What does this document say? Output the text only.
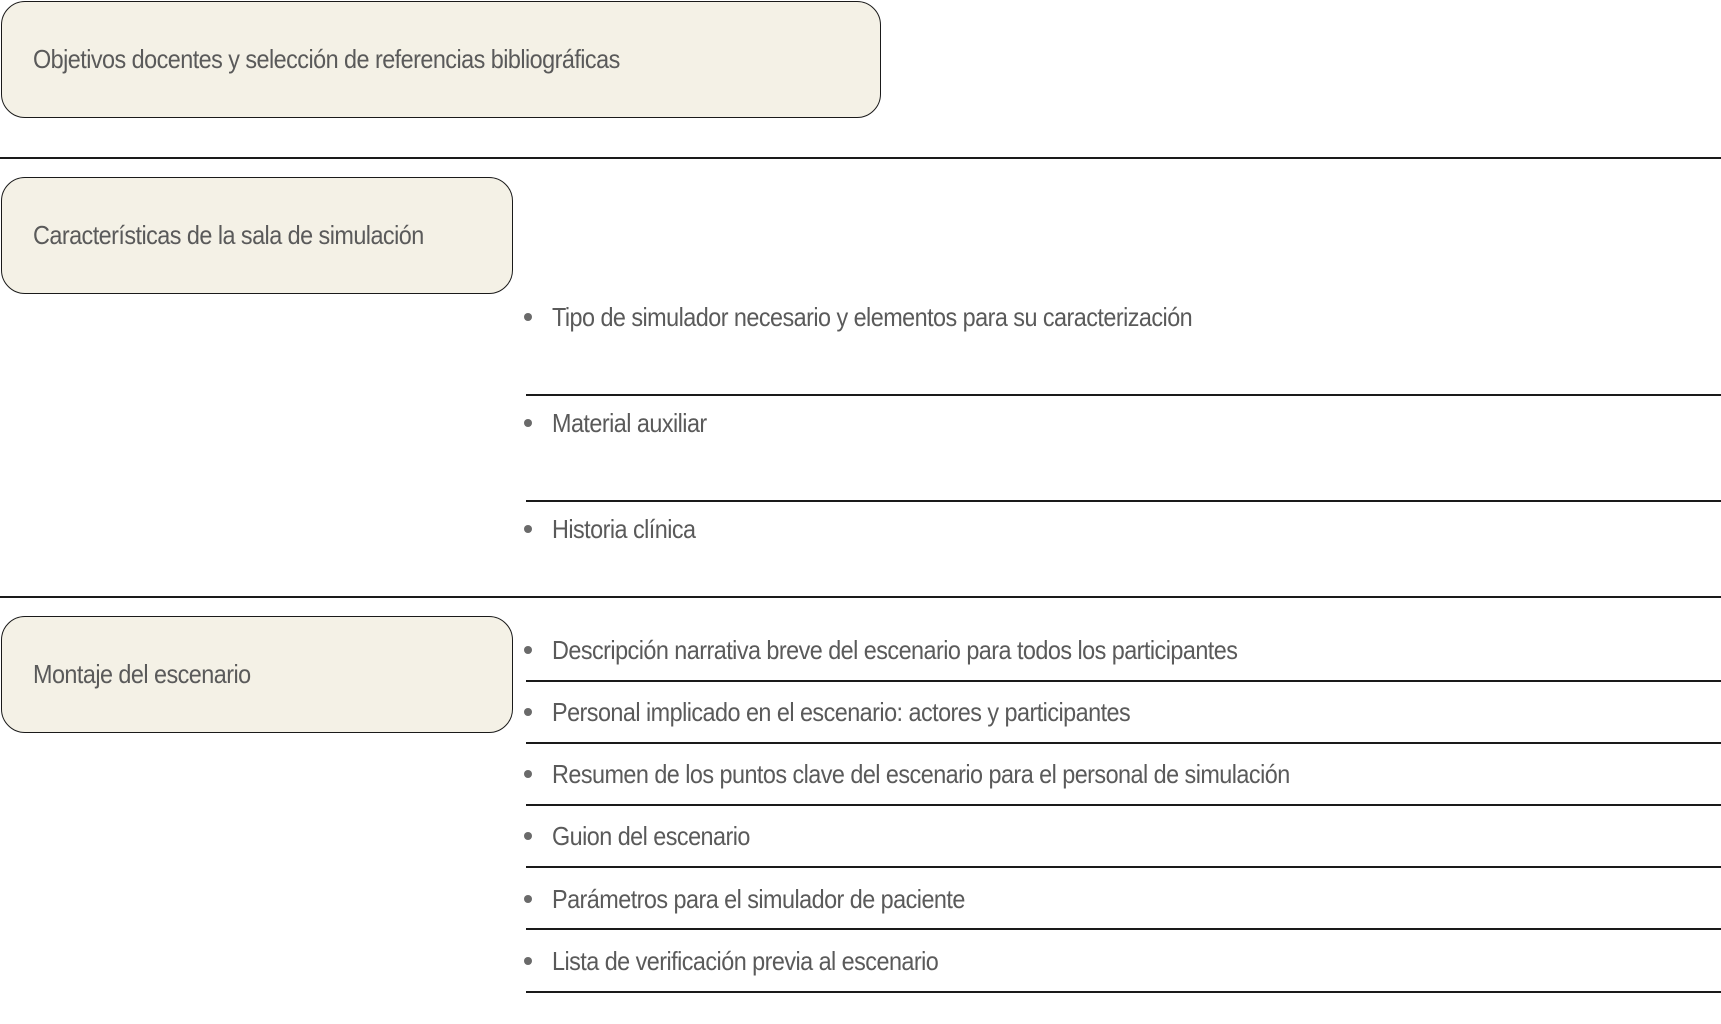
Objetivos docentes y selección de referencias bibliográficas
Características de la sala de simulación
Tipo de simulador necesario y elementos para su caracterización
Material auxiliar
Historia clínica
Montaje del escenario
Descripción narrativa breve del escenario para todos los participantes
Personal implicado en el escenario: actores y participantes
Resumen de los puntos clave del escenario para el personal de simulación
Guion del escenario
Parámetros para el simulador de paciente
Lista de verificación previa al escenario
